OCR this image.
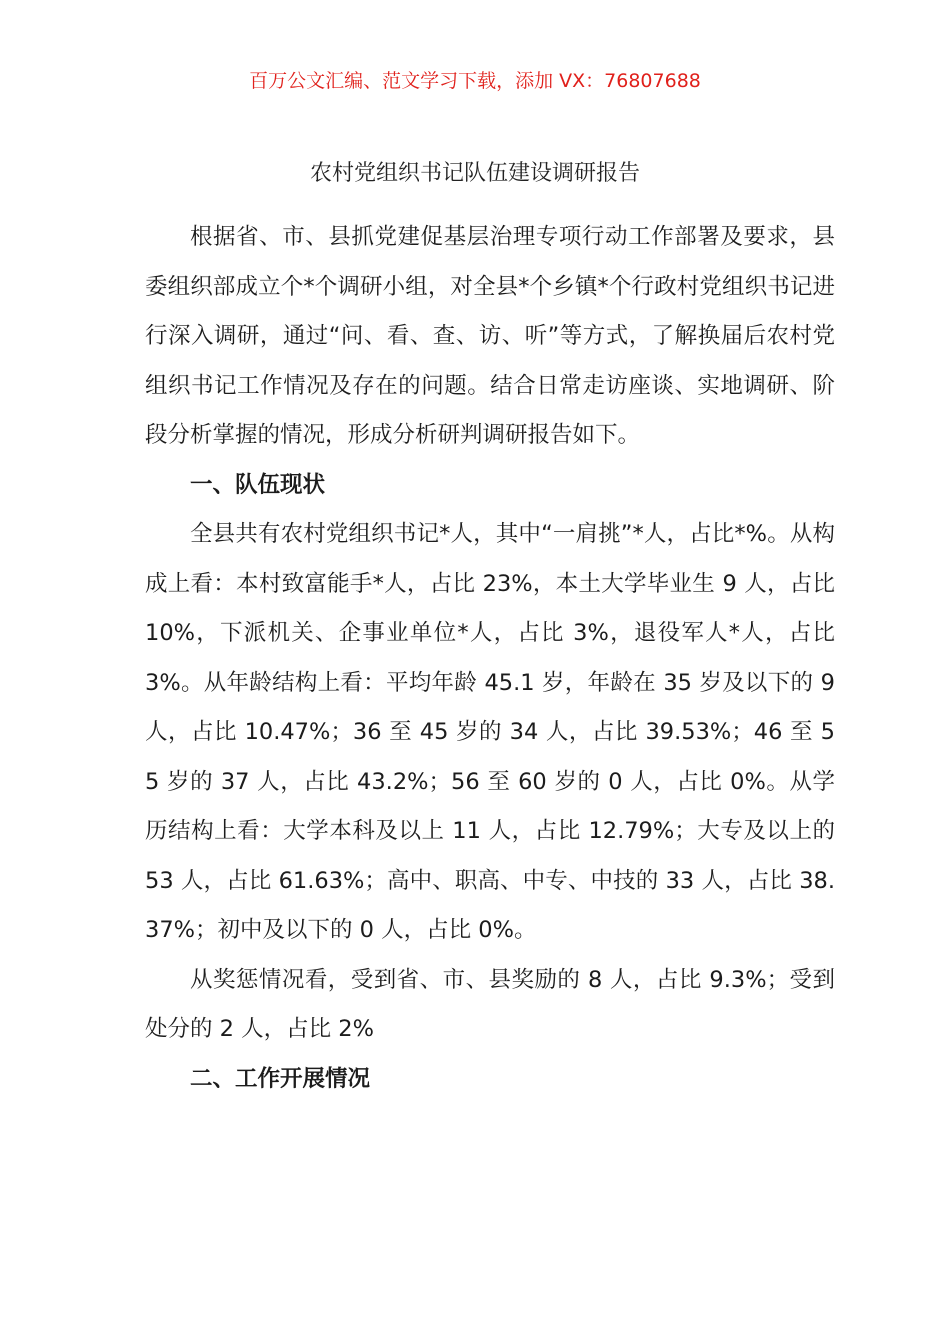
百万公文汇编、范文学习下载，添加 VX：76807688
农村党组织书记队伍建设调研报告

根据省、市、县抓党建促基层治理专项行动工作部署及要求，县委组织部成立个*个调研小组，对全县*个乡镇*个行政村党组织书记进行深入调研，通过“问、看、查、访、听”等方式，了解换届后农村党组织书记工作情况及存在的问题。结合日常走访座谈、实地调研、阶段分析掌握的情况，形成分析研判调研报告如下。

一、队伍现状

全县共有农村党组织书记*人，其中“一肩挑”*人，占比*%。从构成上看：本村致富能手*人，占比 23%，本土大学毕业生 9 人，占比 10%，下派机关、企事业单位*人，占比 3%，退役军人*人，占比 3%。从年龄结构上看：平均年龄 45.1 岁，年龄在 35 岁及以下的 9 人，占比 10.47%；36 至 45 岁的 34 人，占比 39.53%；46 至 55 岁的 37 人，占比 43.2%；56 至 60 岁的 0 人，占比 0%。从学历结构上看：大学本科及以上 11 人，占比 12.79%；大专及以上的 53 人，占比 61.63%；高中、职高、中专、中技的 33 人，占比 38.37%；初中及以下的 0 人，占比 0%。

从奖惩情况看，受到省、市、县奖励的 8 人，占比 9.3%；受到处分的 2 人，占比 2%

二、工作开展情况
